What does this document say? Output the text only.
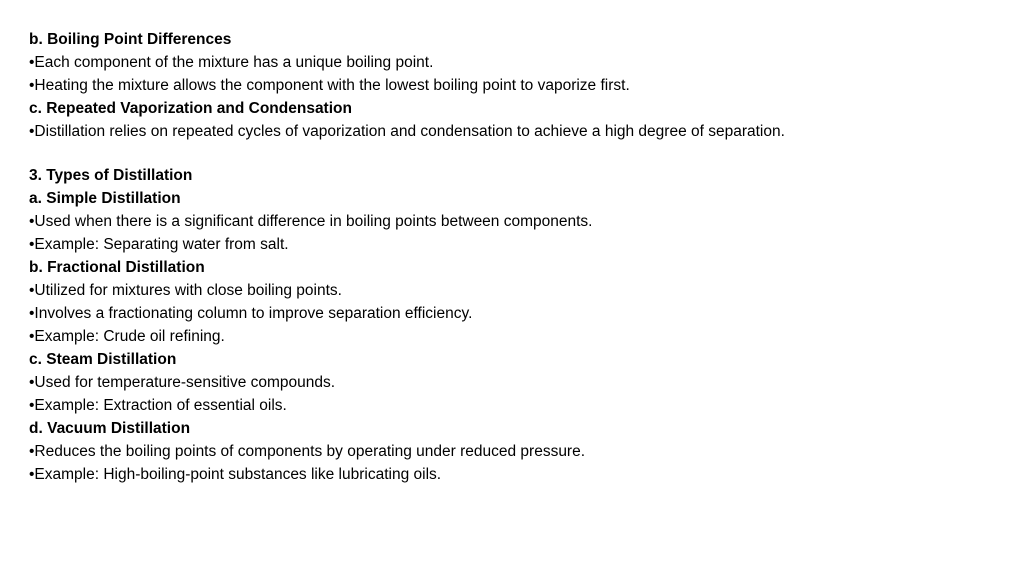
b. Boiling Point Differences
•Each component of the mixture has a unique boiling point.
•Heating the mixture allows the component with the lowest boiling point to vaporize first.
c. Repeated Vaporization and Condensation
•Distillation relies on repeated cycles of vaporization and condensation to achieve a high degree of separation.
3. Types of Distillation
a. Simple Distillation
•Used when there is a significant difference in boiling points between components.
•Example: Separating water from salt.
b. Fractional Distillation
•Utilized for mixtures with close boiling points.
•Involves a fractionating column to improve separation efficiency.
•Example: Crude oil refining.
c. Steam Distillation
•Used for temperature-sensitive compounds.
•Example: Extraction of essential oils.
d. Vacuum Distillation
•Reduces the boiling points of components by operating under reduced pressure.
•Example: High-boiling-point substances like lubricating oils.
